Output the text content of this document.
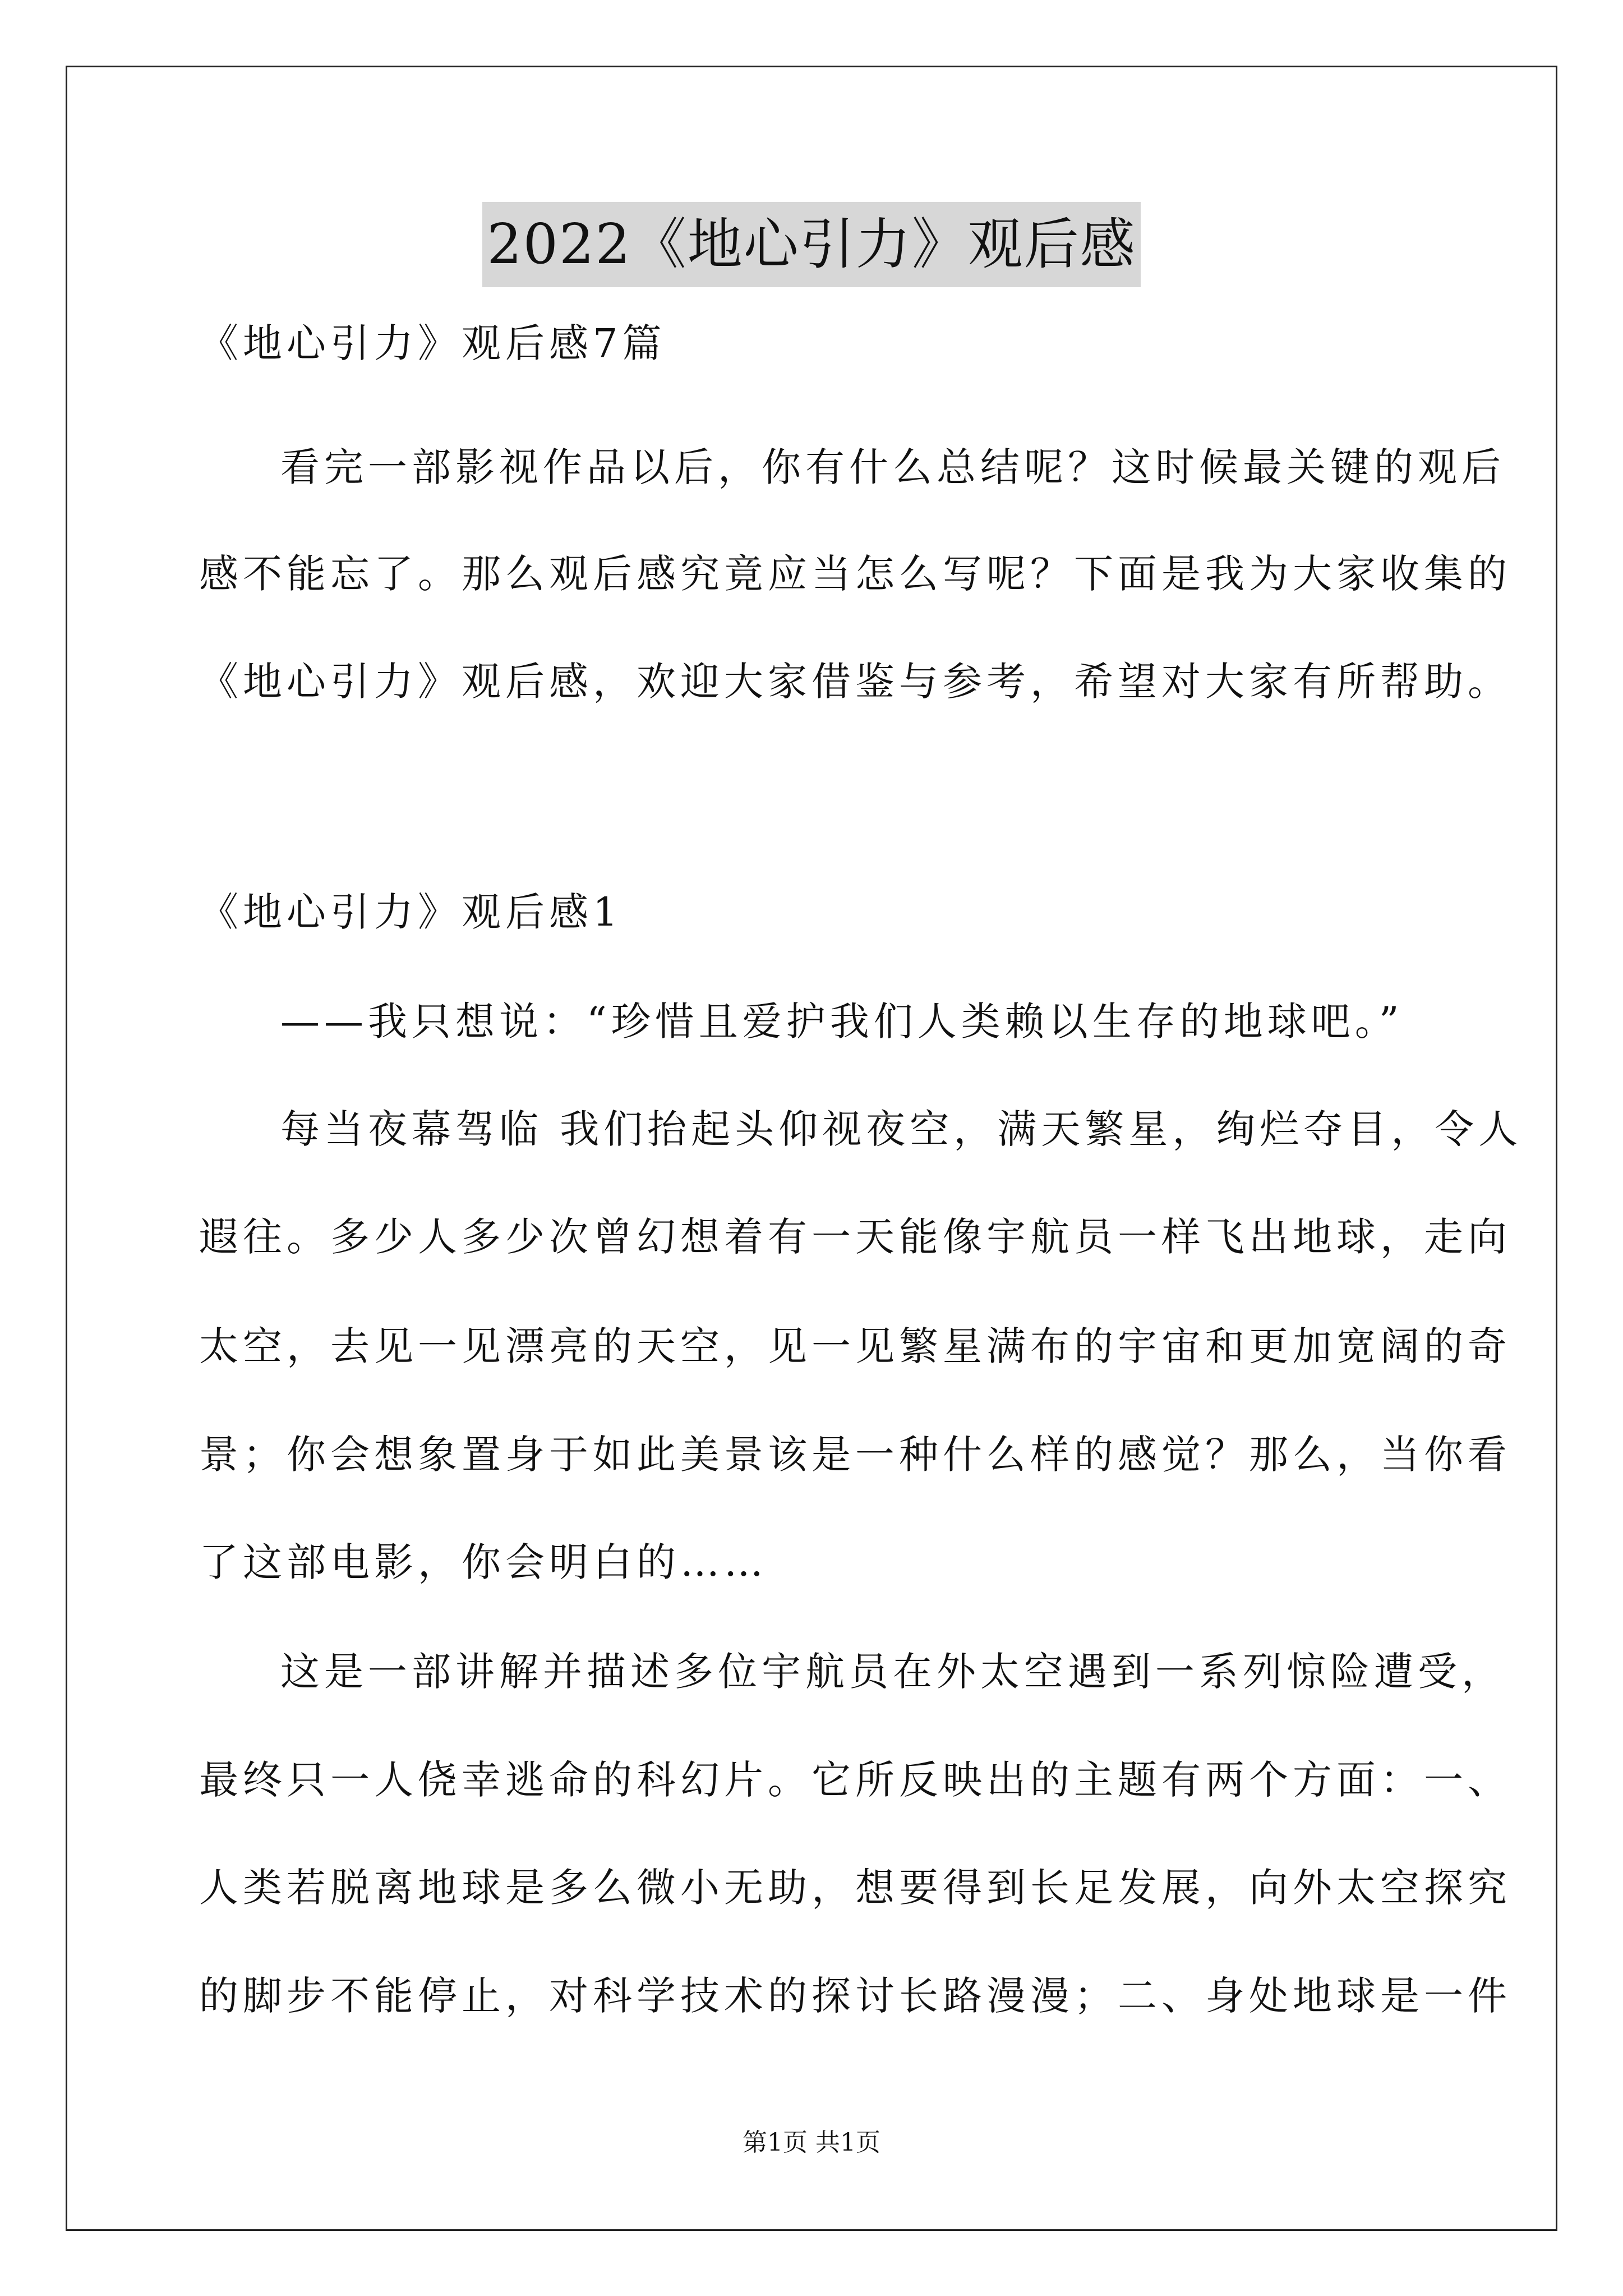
2022《地心引力》观后感
《地心引力》观后感7篇
看完一部影视作品以后，你有什么总结呢？这时候最关键的观后
感不能忘了。那么观后感究竟应当怎么写呢？下面是我为大家收集的
《地心引力》观后感，欢迎大家借鉴与参考，希望对大家有所帮助。
《地心引力》观后感1
——我只想说：“珍惜且爱护我们人类赖以生存的地球吧。”
每当夜幕驾临 我们抬起头仰视夜空，满天繁星，绚烂夺目，令人
遐往。多少人多少次曾幻想着有一天能像宇航员一样飞出地球，走向
太空，去见一见漂亮的天空，见一见繁星满布的宇宙和更加宽阔的奇
景；你会想象置身于如此美景该是一种什么样的感觉？那么，当你看
了这部电影，你会明白的……
这是一部讲解并描述多位宇航员在外太空遇到一系列惊险遭受，
最终只一人侥幸逃命的科幻片。它所反映出的主题有两个方面：一、
人类若脱离地球是多么微小无助，想要得到长足发展，向外太空探究
的脚步不能停止，对科学技术的探讨长路漫漫；二、身处地球是一件
第1页 共1页
